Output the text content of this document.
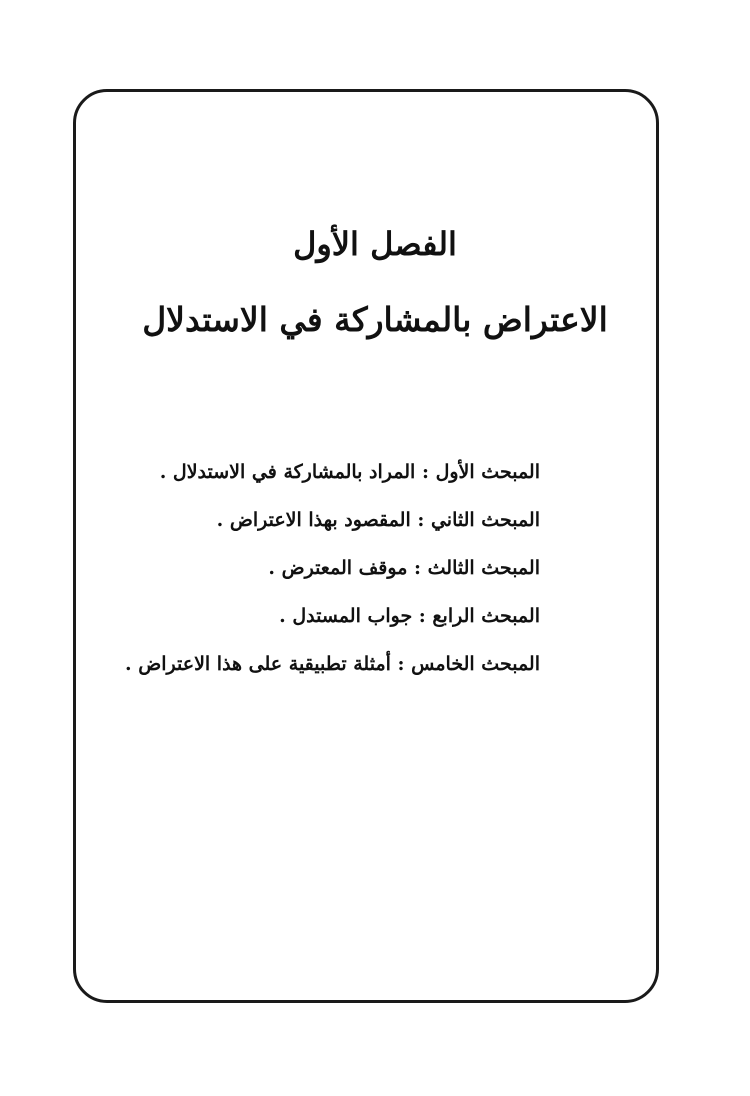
الفصل الأول
الاعتراض بالمشاركة في الاستدلال
المبحث الأول : المراد بالمشاركة في الاستدلال .
المبحث الثاني : المقصود بهذا الاعتراض .
المبحث الثالث : موقف المعترض .
المبحث الرابع : جواب المستدل .
المبحث الخامس : أمثلة تطبيقية على هذا الاعتراض .
